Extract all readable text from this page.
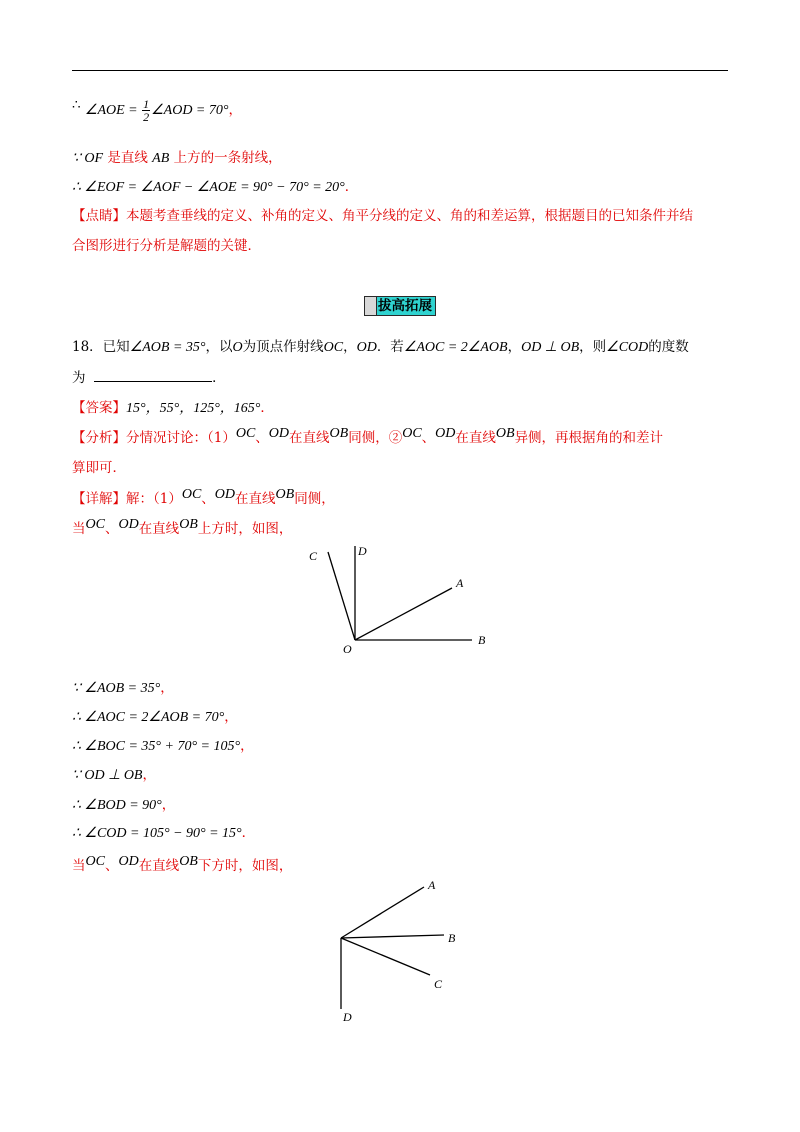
∴ ∠AOE = $\frac{1}{2}$ ∠AOD = 70°，
∵ OF 是直线 AB 上方的一条射线，
∴ ∠EOF = ∠AOF − ∠AOE = 90° − 70° = 20°．
【点睛】本题考查垂线的定义、补角的定义、角平分线的定义、角的和差运算，根据题目的已知条件并结
合图形进行分析是解题的关键．
拔高拓展
18．已知∠AOB = 35°，以O为顶点作射线OC，OD．若∠AOC = 2∠AOB，OD ⊥ OB，则∠COD的度数
为	．
【答案】15°，55°，125°，165°．
【分析】分情况讨论：（1）OC、OD在直线OB同侧，②OC、OD在直线OB异侧，再根据角的和差计
算即可．
【详解】解：（1）OC、OD在直线OB同侧，
当OC、OD在直线OB上方时，如图，
C	D
A
O
B
∵ ∠AOB = 35°，
∴ ∠AOC = 2∠AOB = 70°，
∴ ∠BOC = 35° + 70° = 105°，
∵ OD ⊥ OB，
∴ ∠BOD = 90°，
∴ ∠COD = 105° − 90° = 15°．
当OC、OD在直线OB下方时，如图，
A
B
C
D
